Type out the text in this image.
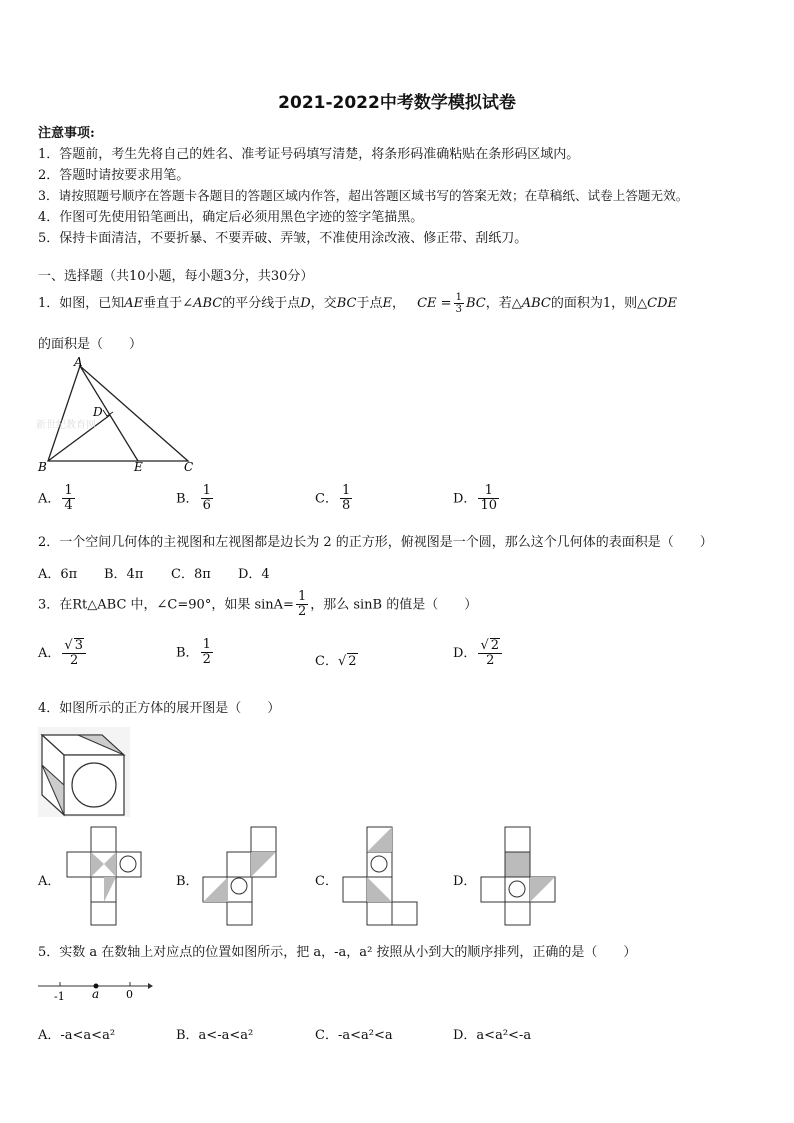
2021-2022中考数学模拟试卷
注意事项:
1．答题前，考生先将自己的姓名、准考证号码填写清楚，将条形码准确粘贴在条形码区域内。
2．答题时请按要求用笔。
3．请按照题号顺序在答题卡各题目的答题区域内作答，超出答题区域书写的答案无效；在草稿纸、试卷上答题无效。
4．作图可先使用铅笔画出，确定后必须用黑色字迹的签字笔描黑。
5．保持卡面清洁，不要折暴、不要弄破、弄皱，不准使用涂改液、修正带、刮纸刀。
一、选择题（共10小题，每小题3分，共30分）
1．如图，已知AE垂直于∠ABC的平分线于点D，交BC于点E， CE = $\frac{1}{3}$ BC，若△ABC的面积为1，则△CDE
的面积是（　　）
新世纪教育网
A
B	C
D
E
A． $\frac{1}{4}$	B． $\frac{1}{6}$	C． $\frac{1}{8}$	D． $\frac{1}{10}$
2．一个空间几何体的主视图和左视图都是边长为 2 的正方形，俯视图是一个圆，那么这个几何体的表面积是（　　）
A．6π B．4π C．8π D．4
3．在Rt△ABC 中，∠C=90°，如果 $\sin A= \frac{1}{2}$ ，那么 sinB 的值是（　　）
A． $\frac{√ 3}{2}$	B． $\frac{1}{2}$	C．√ 2
D． $\frac{√ 2}{2}$
4．如图所示的正方体的展开图是（　　）
A．	B．	C．	D．
5．实数 a 在数轴上对应点的位置如图所示，把 a，-a，a² 按照从小到大的顺序排列，正确的是（　　）
-1 a 0
A．-a<a<a²	B．a<-a<a²	C．-a<a²<a	D．a<a²<-a
